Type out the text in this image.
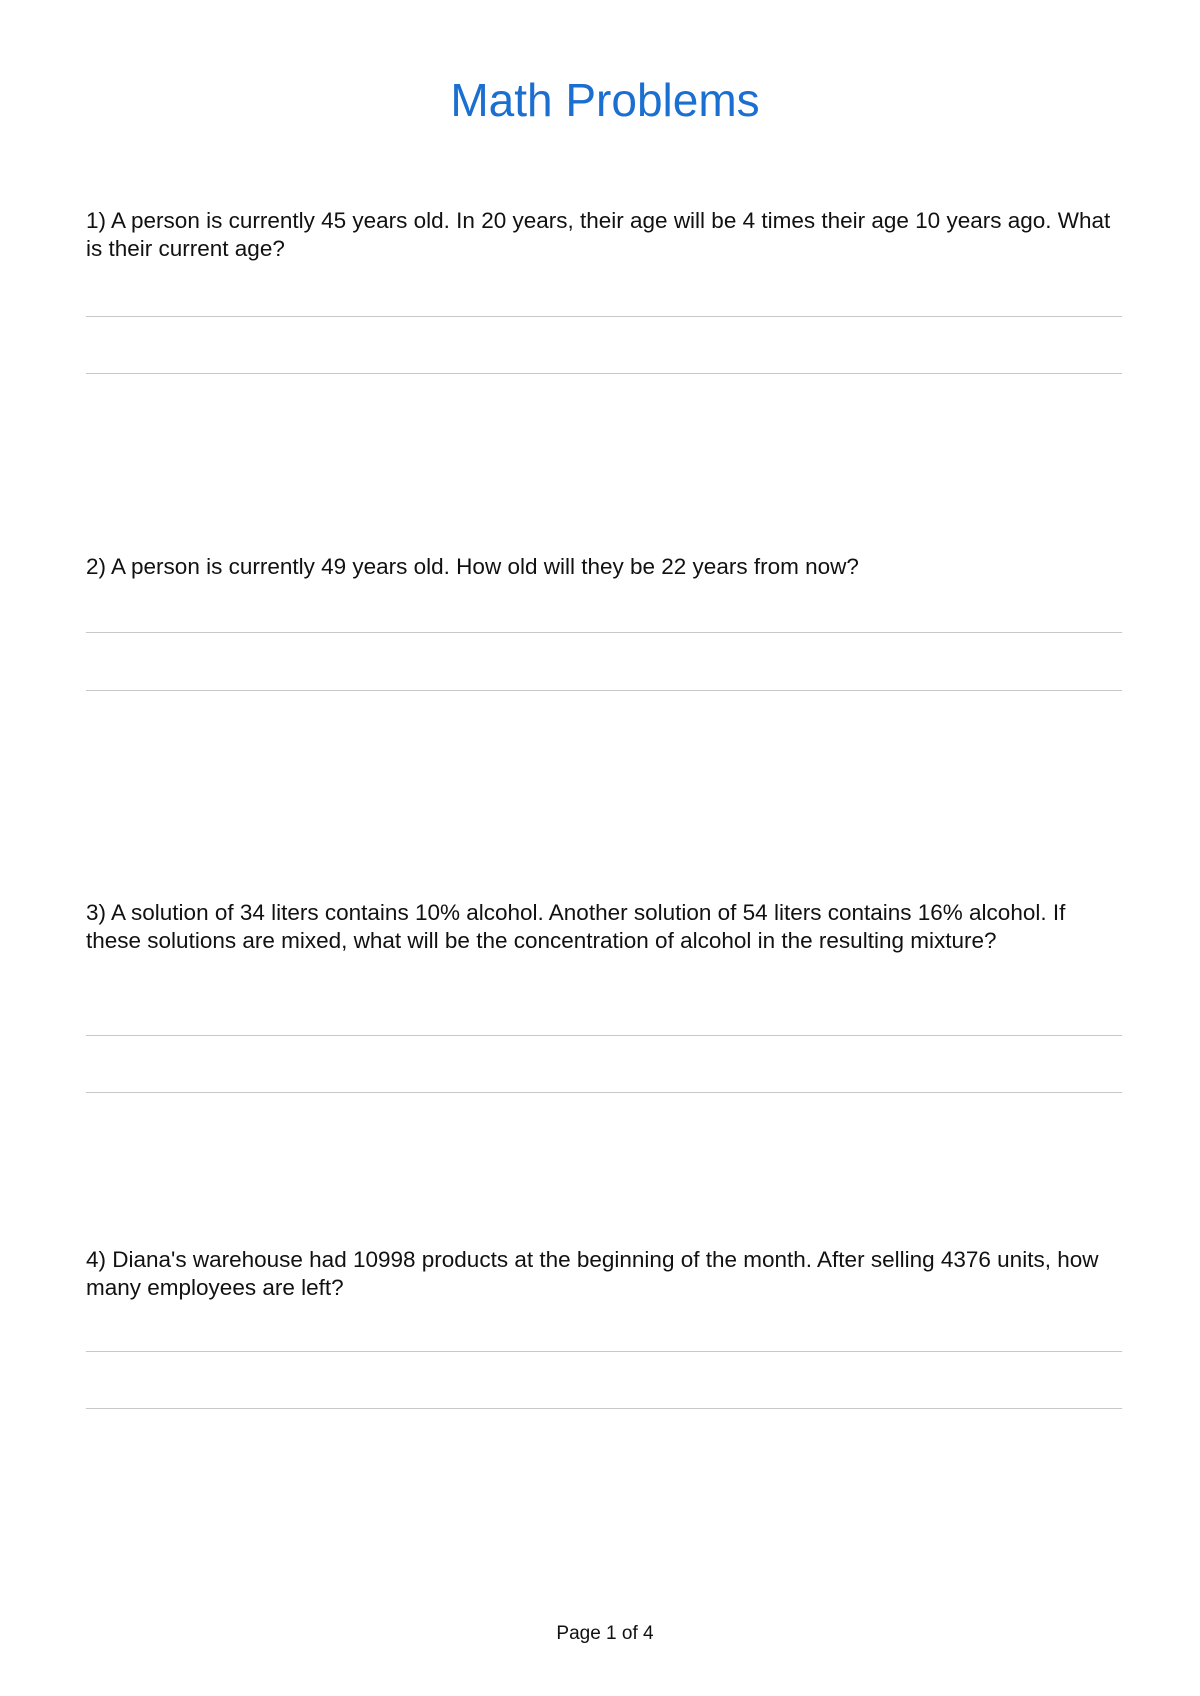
Math Problems

1) A person is currently 45 years old. In 20 years, their age will be 4 times their age 10 years ago. What is their current age?

2) A person is currently 49 years old. How old will they be 22 years from now?

3) A solution of 34 liters contains 10% alcohol. Another solution of 54 liters contains 16% alcohol. If these solutions are mixed, what will be the concentration of alcohol in the resulting mixture?

4) Diana's warehouse had 10998 products at the beginning of the month. After selling 4376 units, how many employees are left?

Page 1 of 4
